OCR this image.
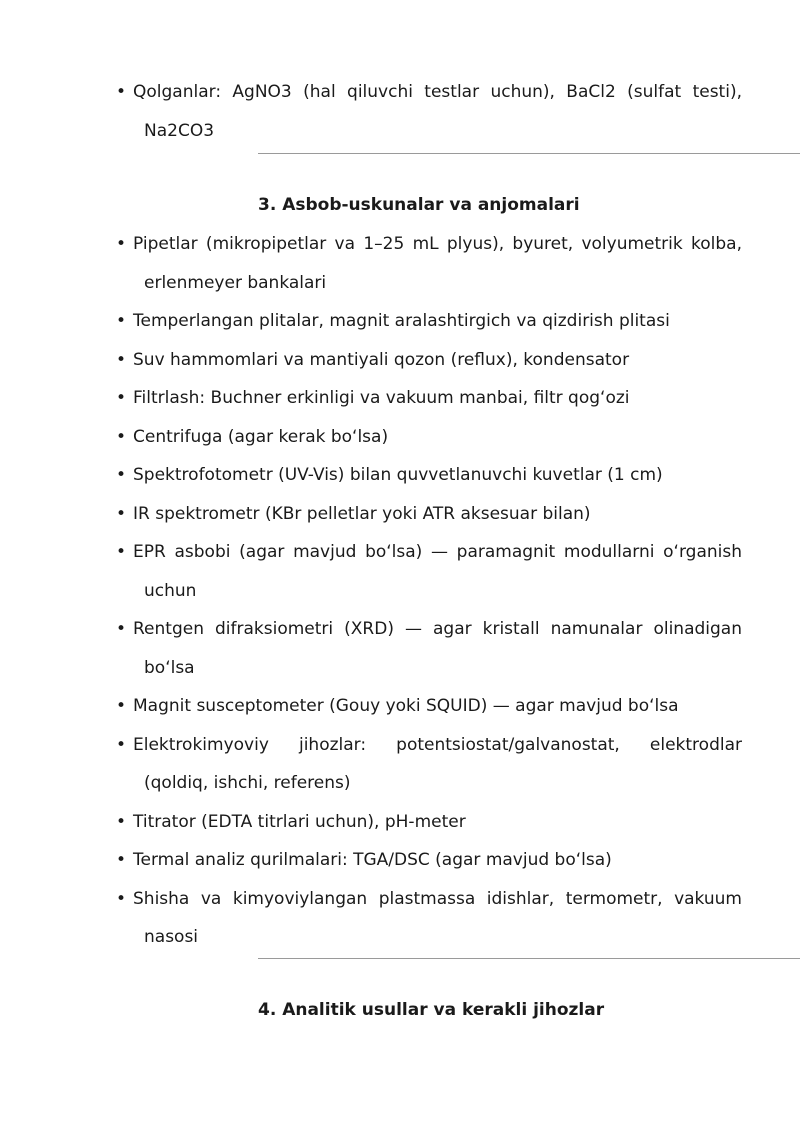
• Qolganlar: AgNO3 (hal qiluvchi testlar uchun), BaCl2 (sulfat testi),
Na2CO3
3. Asbob-uskunalar va anjomalari
• Pipetlar (mikropipetlar va 1–25 mL plyus), byuret, volyumetrik kolba,
erlenmeyer bankalari
• Temperlangan plitalar, magnit aralashtirgich va qizdirish plitasi
• Suv hammomlari va mantiyali qozon (reflux), kondensator
• Filtrlash: Buchner erkinligi va vakuum manbai, filtr qog‘ozi
• Centrifuga (agar kerak bo‘lsa)
• Spektrofotometr (UV-Vis) bilan quvvetlanuvchi kuvetlar (1 cm)
• IR spektrometr (KBr pelletlar yoki ATR aksesuar bilan)
• EPR asbobi (agar mavjud bo‘lsa) — paramagnit modullarni o‘rganish
uchun
• Rentgen difraksiometri (XRD) — agar kristall namunalar olinadigan
bo‘lsa
• Magnit susceptometer (Gouy yoki SQUID) — agar mavjud bo‘lsa
• Elektrokimyoviy jihozlar: potentsiostat/galvanostat, elektrodlar
(qoldiq, ishchi, referens)
• Titrator (EDTA titrlari uchun), pH-meter
• Termal analiz qurilmalari: TGA/DSC (agar mavjud bo‘lsa)
• Shisha va kimyoviylangan plastmassa idishlar, termometr, vakuum
nasosi
4. Analitik usullar va kerakli jihozlar
